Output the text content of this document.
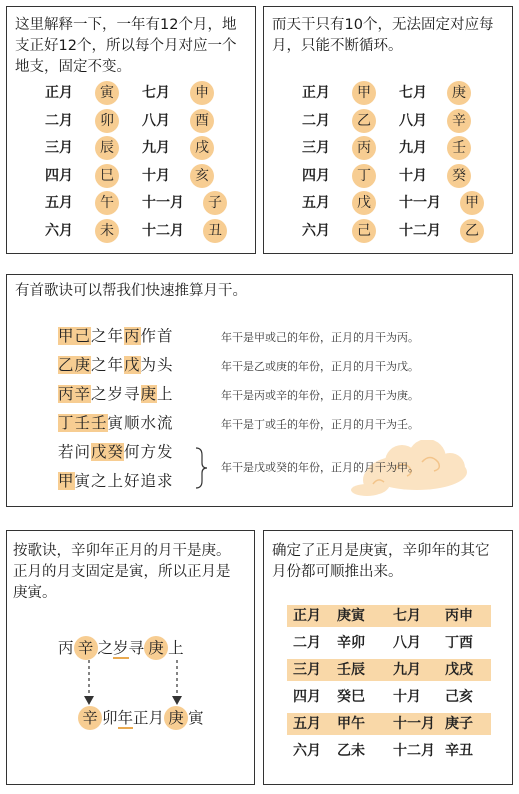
这里解释一下，一年有12个月，地
支正好12个，所以每个月对应一个
地支，固定不变。
正月	寅	七月	申
二月	卯	八月	酉
三月	辰	九月	戌
四月	巳	十月	亥
五月	午	十一月	子
六月	未	十二月	丑
而天干只有10个，无法固定对应每
月，只能不断循环。
正月	甲	七月	庚
二月	乙	八月	辛
三月	丙	九月	壬
四月	丁	十月	癸
五月	戊	十一月	甲
六月	己	十二月	乙
有首歌诀可以帮我们快速推算月干。
甲己之年丙作首
乙庚之年戊为头
丙辛之岁寻庚上
丁壬壬寅顺水流
若问戊癸何方发
甲寅之上好追求
年干是甲或己的年份，正月的月干为丙。
年干是乙或庚的年份，正月的月干为戊。
年干是丙或辛的年份，正月的月干为庚。
年干是丁或壬的年份，正月的月干为壬。
年干是戊或癸的年份，正月的月干为甲。
按歌诀，辛卯年正月的月干是庚。
正月的月支固定是寅，所以正月是
庚寅。
丙 辛 之岁寻 庚 上
辛 卯年正月 庚 寅
确定了正月是庚寅，辛卯年的其它
月份都可顺推出来。
正月 庚寅 七月 丙申
二月 辛卯 八月 丁酉
三月 壬辰 九月 戊戌
四月 癸巳 十月 己亥
五月 甲午 十一月 庚子
六月 乙未 十二月 辛丑
